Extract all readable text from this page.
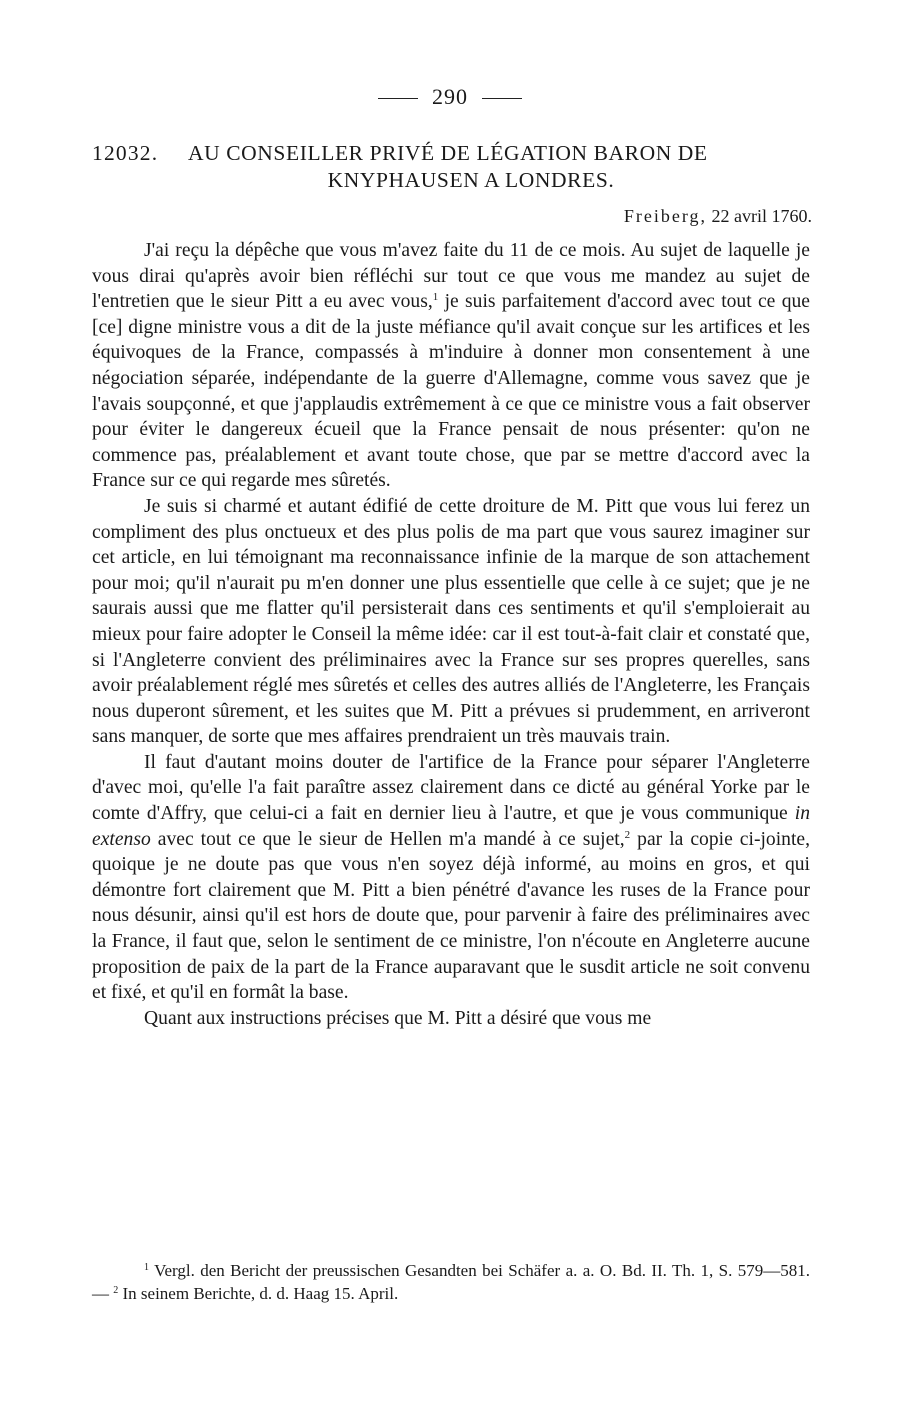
290
12032. AU CONSEILLER PRIVÉ DE LÉGATION BARON DE
KNYPHAUSEN A LONDRES.
Freiberg, 22 avril 1760.

J'ai reçu la dépêche que vous m'avez faite du 11 de ce mois. Au sujet de laquelle je vous dirai qu'après avoir bien réfléchi sur tout ce que vous me mandez au sujet de l'entretien que le sieur Pitt a eu avec vous,$^1$ je suis parfaitement d'accord avec tout ce que [ce] digne ministre vous a dit de la juste méfiance qu'il avait conçue sur les artifices et les équivoques de la France, compassés à m'induire à donner mon consentement à une négociation séparée, indépendante de la guerre d'Allemagne, comme vous savez que je l'avais soupçonné, et que j'applaudis extrêmement à ce que ce ministre vous a fait observer pour éviter le dangereux écueil que la France pensait de nous présenter: qu'on ne commence pas, préalablement et avant toute chose, que par se mettre d'accord avec la France sur ce qui regarde mes sûretés.

Je suis si charmé et autant édifié de cette droiture de M. Pitt que vous lui ferez un compliment des plus onctueux et des plus polis de ma part que vous saurez imaginer sur cet article, en lui témoignant ma reconnaissance infinie de la marque de son attachement pour moi; qu'il n'aurait pu m'en donner une plus essentielle que celle à ce sujet; que je ne saurais aussi que me flatter qu'il persisterait dans ces sentiments et qu'il s'emploierait au mieux pour faire adopter le Conseil la même idée: car il est tout-à-fait clair et constaté que, si l'Angleterre convient des préliminaires avec la France sur ses propres querelles, sans avoir préalablement réglé mes sûretés et celles des autres alliés de l'Angleterre, les Français nous duperont sûrement, et les suites que M. Pitt a prévues si prudemment, en arriveront sans manquer, de sorte que mes affaires prendraient un très mauvais train.

Il faut d'autant moins douter de l'artifice de la France pour séparer l'Angleterre d'avec moi, qu'elle l'a fait paraître assez clairement dans ce dicté au général Yorke par le comte d'Affry, que celui-ci a fait en dernier lieu à l'autre, et que je vous communique in extenso avec tout ce que le sieur de Hellen m'a mandé à ce sujet,$^2$ par la copie ci-jointe, quoique je ne doute pas que vous n'en soyez déjà informé, au moins en gros, et qui démontre fort clairement que M. Pitt a bien pénétré d'avance les ruses de la France pour nous désunir, ainsi qu'il est hors de doute que, pour parvenir à faire des préliminaires avec la France, il faut que, selon le sentiment de ce ministre, l'on n'écoute en Angleterre aucune proposition de paix de la part de la France auparavant que le susdit article ne soit convenu et fixé, et qu'il en formât la base.

Quant aux instructions précises que M. Pitt a désiré que vous me

$^1$ Vergl. den Bericht der preussischen Gesandten bei Schäfer a. a. O. Bd. II. Th. 1, S. 579—581. — $^2$ In seinem Berichte, d. d. Haag 15. April.
